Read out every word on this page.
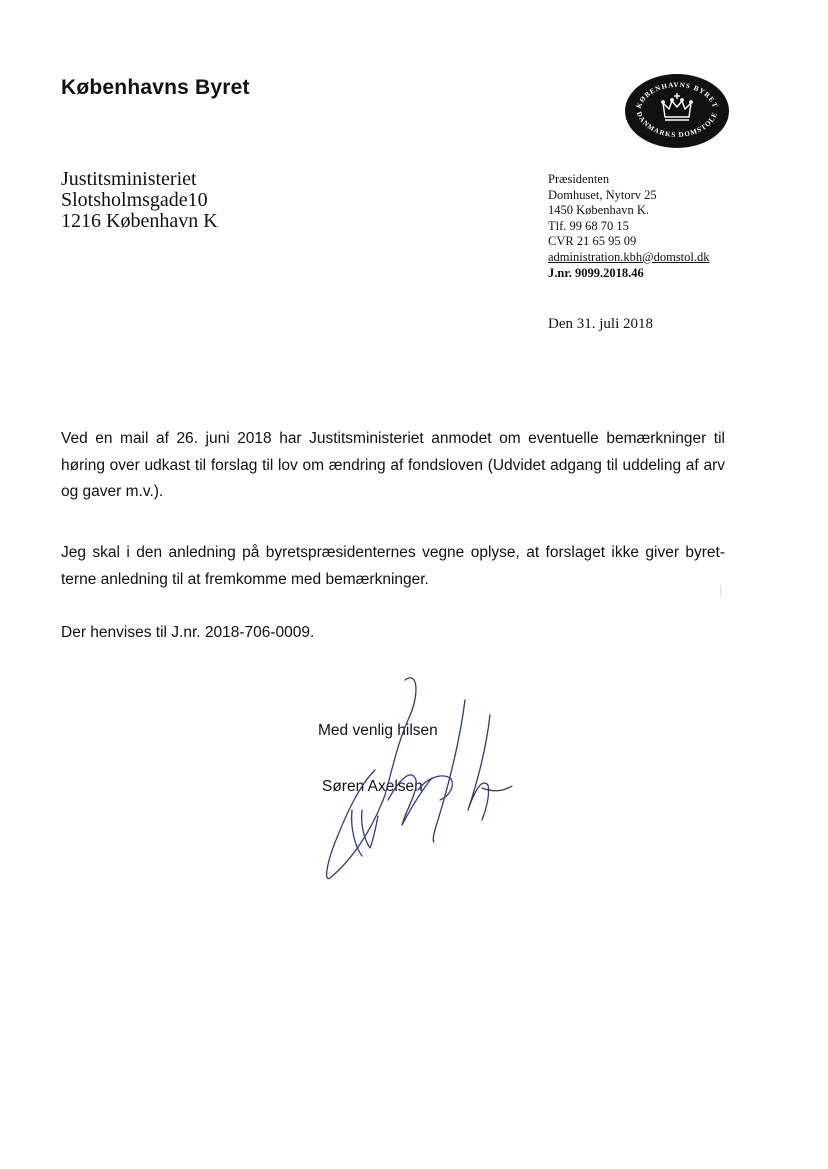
Københavns Byret
KØBENHAVNS BYRET
DANMARKS DOMSTOLE
Justitsministeriet
Slotsholmsgade10
1216 København K
Præsidenten
Domhuset, Nytorv 25
1450 København K.
Tlf. 99 68 70 15
CVR 21 65 95 09
administration.kbh@domstol.dk
J.nr. 9099.2018.46
Den 31. juli 2018

Ved en mail af 26. juni 2018 har Justitsministeriet anmodet om eventuelle bemærkninger til høring over udkast til forslag til lov om ændring af fondsloven (Udvidet adgang til uddeling af arv og gaver m.v.).

Jeg skal i den anledning på byretspræsidenternes vegne oplyse, at forslaget ikke giver byret-terne anledning til at fremkomme med bemærkninger.

Der henvises til J.nr. 2018-706-0009.

Med venlig hilsen
Søren Axelsen
